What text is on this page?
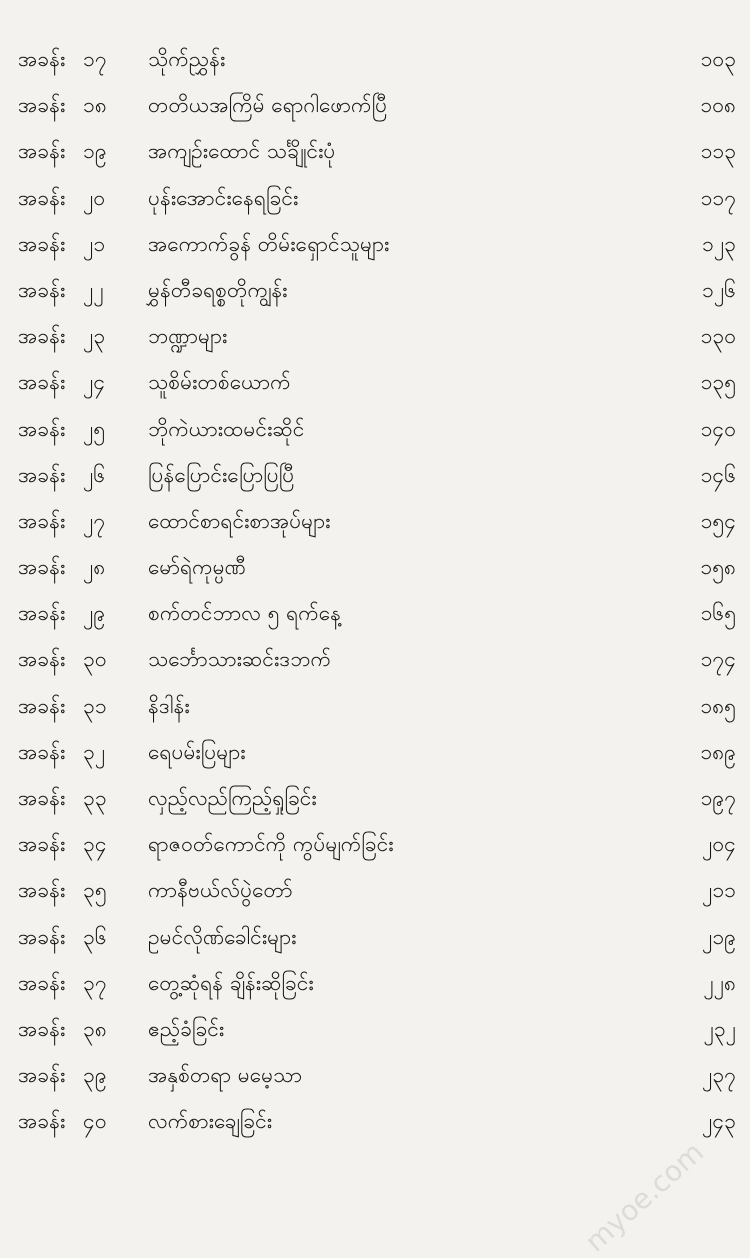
အခန်း ၁၇ သိုက်ညွှန်း	၁၀၃
အခန်း ၁၈ တတိယအကြိမ် ရောဂါဖောက်ပြီ	၁၀၈
အခန်း ၁၉ အကျဉ်းထောင် သင်္ချိုင်းပုံ	၁၁၃
အခန်း ၂၀ ပုန်းအောင်းနေရခြင်း	၁၁၇
အခန်း ၂၁ အကောက်ခွန် တိမ်းရှောင်သူများ	၁၂၃
အခန်း ၂၂ မွှန်တီခရစ္စတိုကျွန်း	၁၂၆
အခန်း ၂၃ ဘဏ္ဍာများ	၁၃၀
အခန်း ၂၄ သူစိမ်းတစ်ယောက်	၁၃၅
အခန်း ၂၅ ဘိုကဲယားထမင်းဆိုင်	၁၄၀
အခန်း ၂၆ ပြန်ပြောင်းပြောပြပြီ	၁၄၆
အခန်း ၂၇ ထောင်စာရင်းစာအုပ်များ	၁၅၄
အခန်း ၂၈ မော်ရဲကုမ္ပဏီ	၁၅၈
အခန်း ၂၉ စက်တင်ဘာလ ၅ ရက်နေ့	၁၆၅
အခန်း ၃၀ သင်္ဘောသားဆင်းဒဘက်	၁၇၄
အခန်း ၃၁ နိဒါန်း	၁၈၅
အခန်း ၃၂ ရေပမ်းပြများ	၁၈၉
အခန်း ၃၃ လှည့်လည်ကြည့်ရှုခြင်း	၁၉၇
အခန်း ၃၄ ရာဇဝတ်ကောင်ကို ကွပ်မျက်ခြင်း	၂၀၄
အခန်း ၃၅ ကာနီဗယ်လ်ပွဲတော်	၂၁၁
အခန်း ၃၆ ဥမင်လိုဏ်ခေါင်းများ	၂၁၉
အခန်း ၃၇ တွေ့ဆုံရန် ချိန်းဆိုခြင်း	၂၂၈
အခန်း ၃၈ ဧည့်ခံခြင်း	၂၃၂
အခန်း ၃၉ အနှစ်တရာ မမေ့သာ	၂၃၇
အခန်း ၄၀ လက်စားချေခြင်း	၂၄၃
myoe.com
